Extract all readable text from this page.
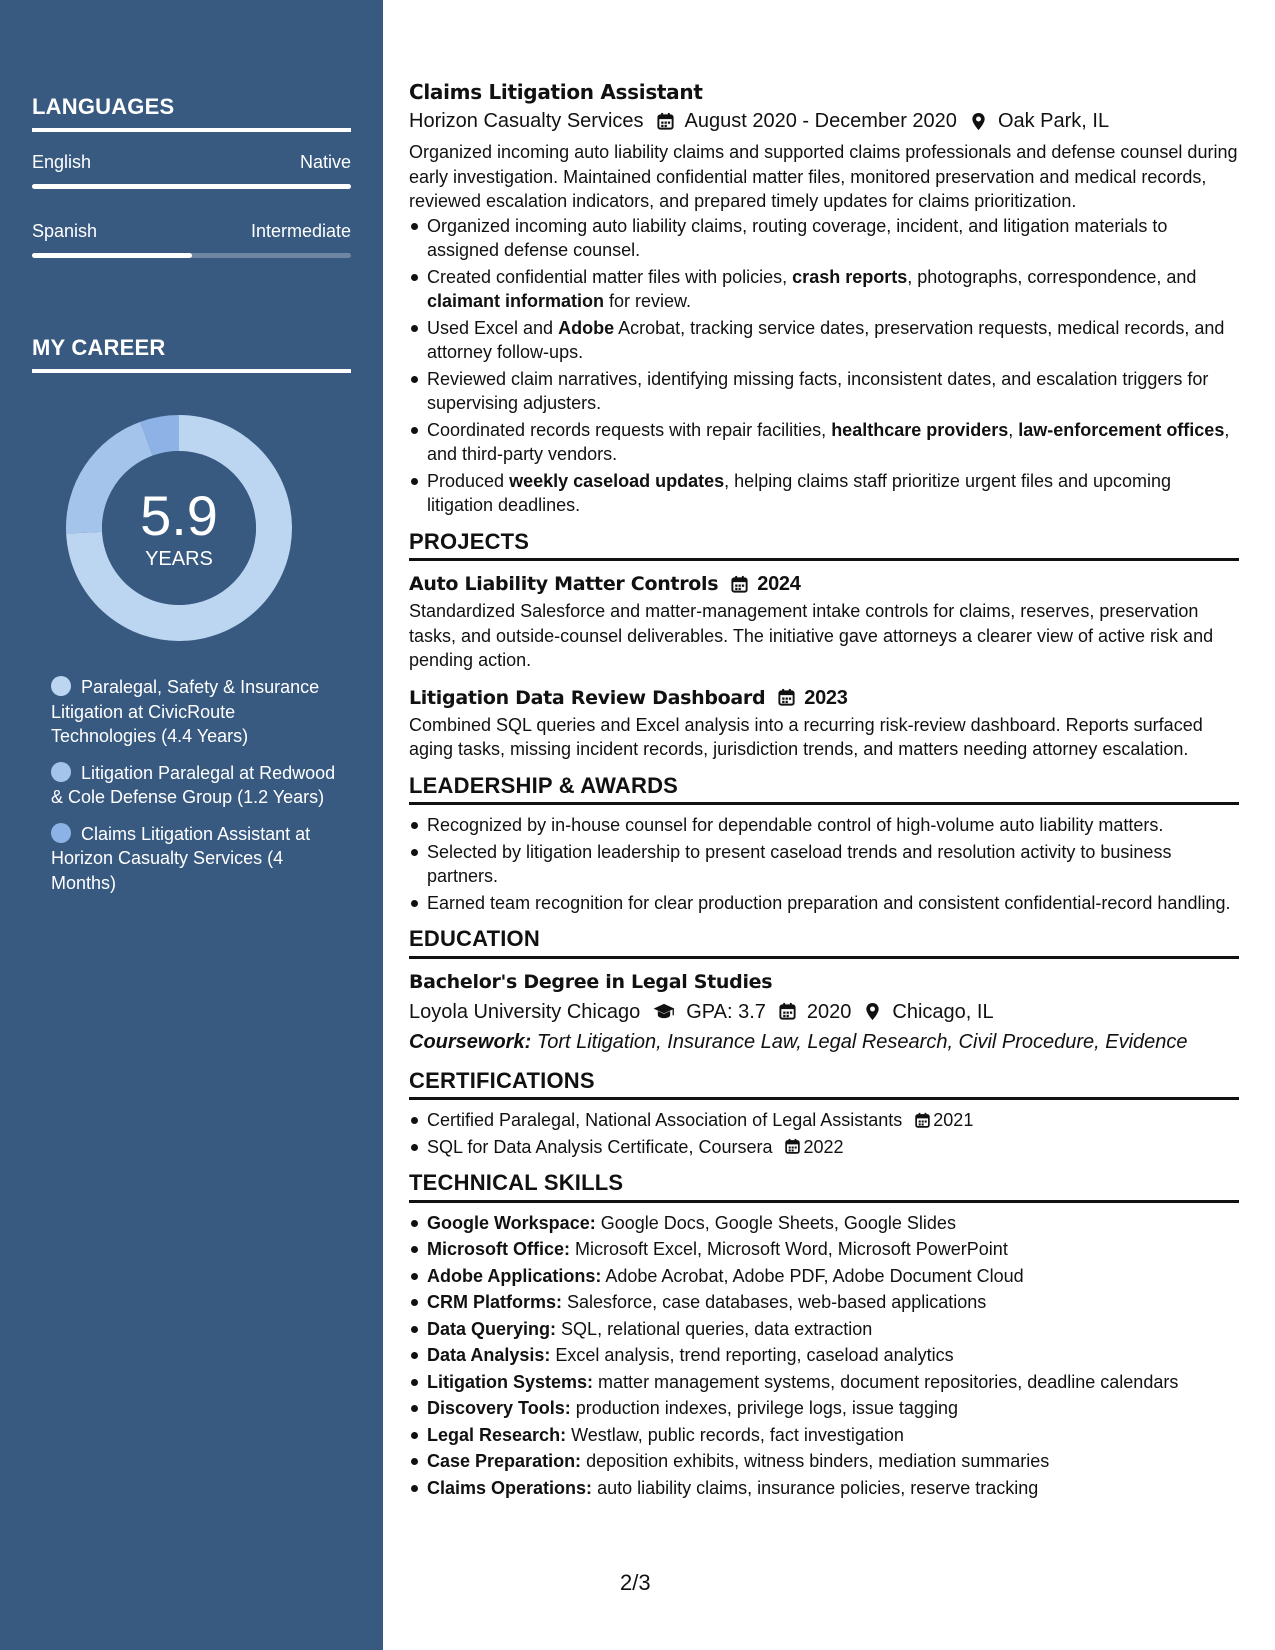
LANGUAGES
English	Native
Spanish	Intermediate
MY CAREER
5.9
YEARS
Paralegal, Safety & Insurance Litigation at CivicRoute Technologies (4.4 Years)
Litigation Paralegal at Redwood & Cole Defense Group (1.2 Years)
Claims Litigation Assistant at Horizon Casualty Services (4 Months)
Claims Litigation Assistant
Horizon Casualty Services August 2020 - December 2020 Oak Park, IL
Organized incoming auto liability claims and supported claims professionals and defense counsel during early investigation. Maintained confidential matter files, monitored preservation and medical records, reviewed escalation indicators, and prepared timely updates for claims prioritization.
Organized incoming auto liability claims, routing coverage, incident, and litigation materials to assigned defense counsel.
Created confidential matter files with policies, crash reports, photographs, correspondence, and claimant information for review.
Used Excel and Adobe Acrobat, tracking service dates, preservation requests, medical records, and attorney follow-ups.
Reviewed claim narratives, identifying missing facts, inconsistent dates, and escalation triggers for supervising adjusters.
Coordinated records requests with repair facilities, healthcare providers, law-enforcement offices, and third-party vendors.
Produced weekly caseload updates, helping claims staff prioritize urgent files and upcoming litigation deadlines.
PROJECTS
Auto Liability Matter Controls 2024
Standardized Salesforce and matter-management intake controls for claims, reserves, preservation tasks, and outside-counsel deliverables. The initiative gave attorneys a clearer view of active risk and pending action.
Litigation Data Review Dashboard 2023
Combined SQL queries and Excel analysis into a recurring risk-review dashboard. Reports surfaced aging tasks, missing incident records, jurisdiction trends, and matters needing attorney escalation.
LEADERSHIP & AWARDS
Recognized by in-house counsel for dependable control of high-volume auto liability matters.
Selected by litigation leadership to present caseload trends and resolution activity to business partners.
Earned team recognition for clear production preparation and consistent confidential-record handling.
EDUCATION
Bachelor's Degree in Legal Studies
Loyola University Chicago GPA: 3.7 2020 Chicago, IL
Coursework: Tort Litigation, Insurance Law, Legal Research, Civil Procedure, Evidence
CERTIFICATIONS
Certified Paralegal, National Association of Legal Assistants 2021
SQL for Data Analysis Certificate, Coursera 2022
TECHNICAL SKILLS
Google Workspace: Google Docs, Google Sheets, Google Slides
Microsoft Office: Microsoft Excel, Microsoft Word, Microsoft PowerPoint
Adobe Applications: Adobe Acrobat, Adobe PDF, Adobe Document Cloud
CRM Platforms: Salesforce, case databases, web-based applications
Data Querying: SQL, relational queries, data extraction
Data Analysis: Excel analysis, trend reporting, caseload analytics
Litigation Systems: matter management systems, document repositories, deadline calendars
Discovery Tools: production indexes, privilege logs, issue tagging
Legal Research: Westlaw, public records, fact investigation
Case Preparation: deposition exhibits, witness binders, mediation summaries
Claims Operations: auto liability claims, insurance policies, reserve tracking
2/3
